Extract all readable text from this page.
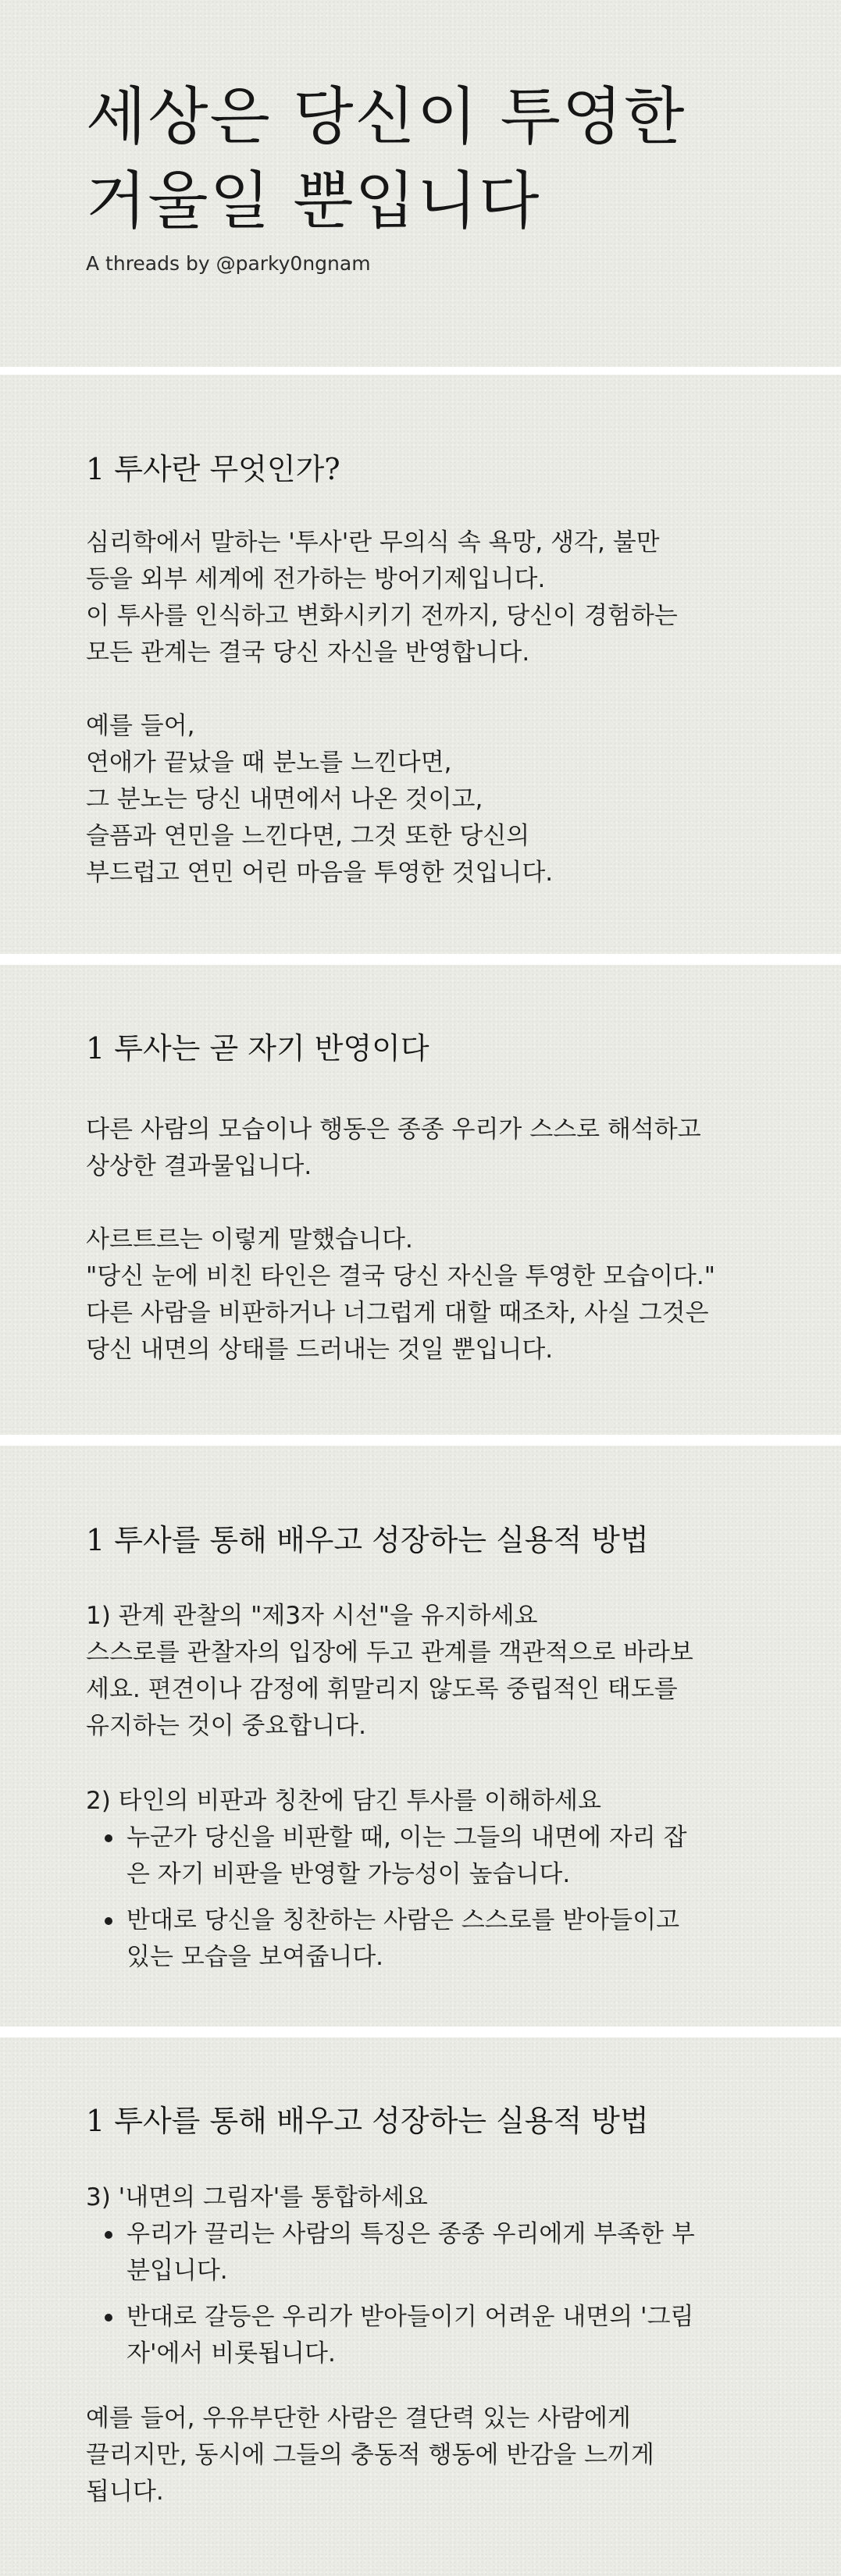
세상은 당신이 투영한
거울일 뿐입니다

A threads by @parky0ngnam

1 투사란 무엇인가?

심리학에서 말하는 '투사'란 무의식 속 욕망, 생각, 불만
등을 외부 세계에 전가하는 방어기제입니다.
이 투사를 인식하고 변화시키기 전까지, 당신이 경험하는
모든 관계는 결국 당신 자신을 반영합니다.

예를 들어,
연애가 끝났을 때 분노를 느낀다면,
그 분노는 당신 내면에서 나온 것이고,
슬픔과 연민을 느낀다면, 그것 또한 당신의
부드럽고 연민 어린 마음을 투영한 것입니다.

1 투사는 곧 자기 반영이다

다른 사람의 모습이나 행동은 종종 우리가 스스로 해석하고
상상한 결과물입니다.

사르트르는 이렇게 말했습니다.
"당신 눈에 비친 타인은 결국 당신 자신을 투영한 모습이다."
다른 사람을 비판하거나 너그럽게 대할 때조차, 사실 그것은
당신 내면의 상태를 드러내는 것일 뿐입니다.

1 투사를 통해 배우고 성장하는 실용적 방법

1) 관계 관찰의 "제3자 시선"을 유지하세요

스스로를 관찰자의 입장에 두고 관계를 객관적으로 바라보
세요. 편견이나 감정에 휘말리지 않도록 중립적인 태도를
유지하는 것이 중요합니다.

2) 타인의 비판과 칭찬에 담긴 투사를 이해하세요

누군가 당신을 비판할 때, 이는 그들의 내면에 자리 잡
은 자기 비판을 반영할 가능성이 높습니다.
반대로 당신을 칭찬하는 사람은 스스로를 받아들이고
있는 모습을 보여줍니다.
1 투사를 통해 배우고 성장하는 실용적 방법

3) '내면의 그림자'를 통합하세요

우리가 끌리는 사람의 특징은 종종 우리에게 부족한 부
분입니다.
반대로 갈등은 우리가 받아들이기 어려운 내면의 '그림
자'에서 비롯됩니다.

예를 들어, 우유부단한 사람은 결단력 있는 사람에게
끌리지만, 동시에 그들의 충동적 행동에 반감을 느끼게
됩니다.
